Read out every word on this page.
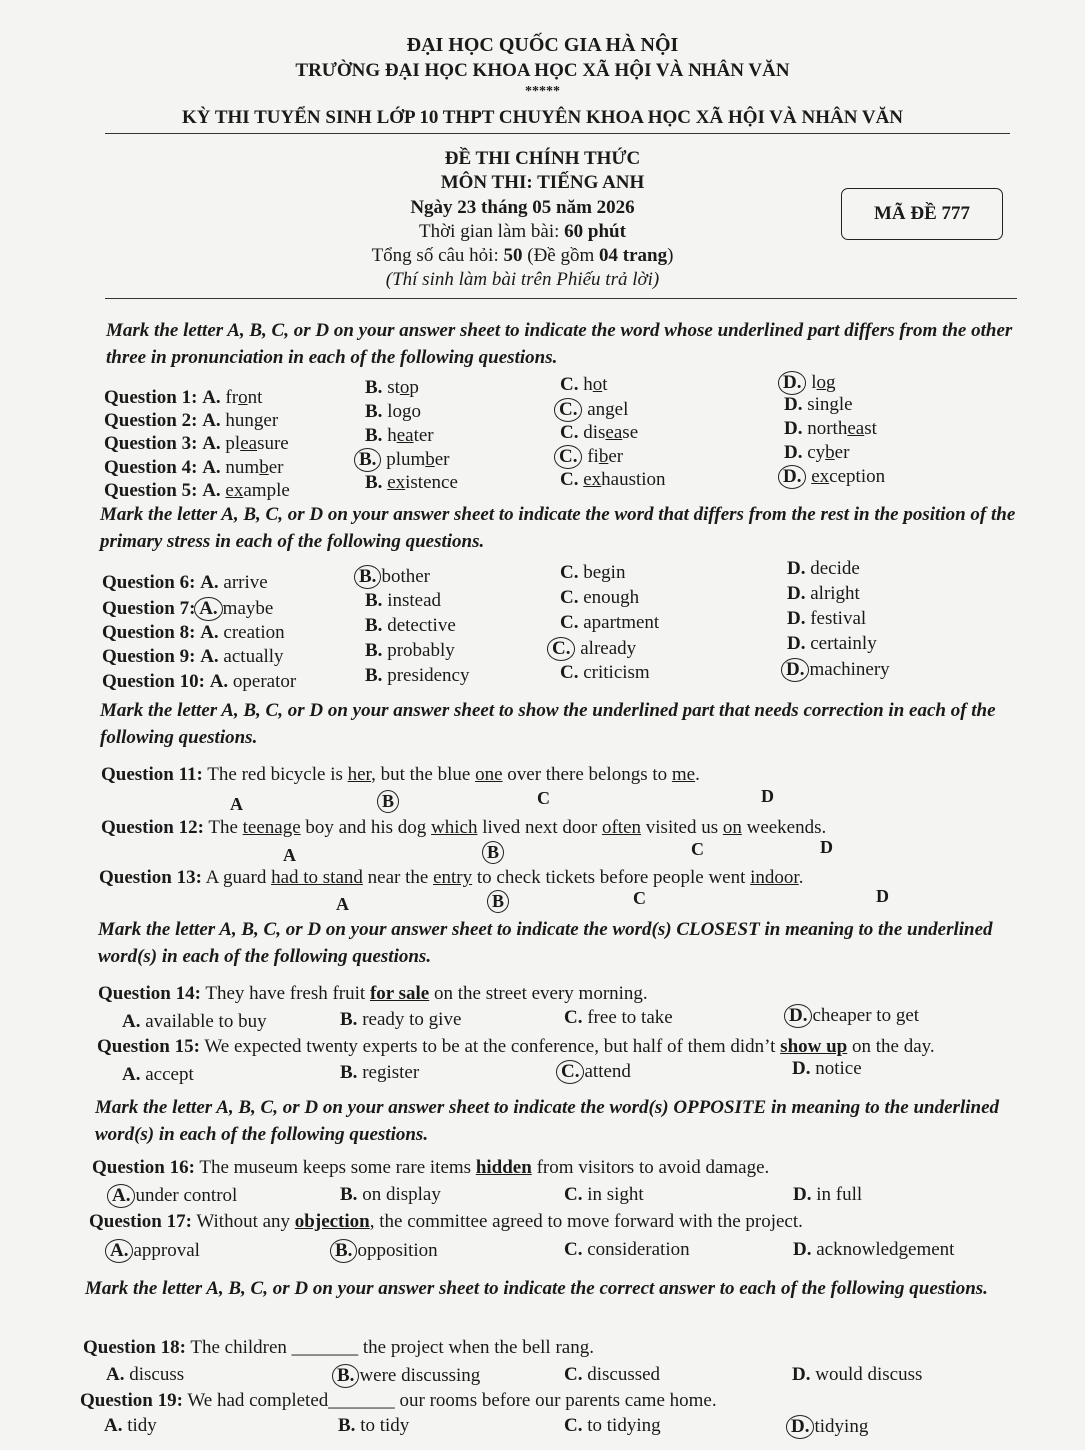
ĐẠI HỌC QUỐC GIA HÀ NỘI
TRƯỜNG ĐẠI HỌC KHOA HỌC XÃ HỘI VÀ NHÂN VĂN
*****
KỲ THI TUYỂN SINH LỚP 10 THPT CHUYÊN KHOA HỌC XÃ HỘI VÀ NHÂN VĂN
ĐỀ THI CHÍNH THỨC
MÔN THI: TIẾNG ANH
Ngày 23 tháng 05 năm 2026
Thời gian làm bài: 60 phút
Tổng số câu hỏi: 50 (Đề gồm 04 trang)
(Thí sinh làm bài trên Phiếu trả lời)
MÃ ĐỀ 777
Mark the letter A, B, C, or D on your answer sheet to indicate the word whose underlined part differs from the other three in pronunciation in each of the following questions.
Question 1: A. front	B. stop	C. hot	D. log
Question 2: A. hunger	B. logo	C. angel	D. single
Question 3: A. pleasure	B. heater	C. disease	D. northeast
Question 4: A. number	B. plumber	C. fiber	D. cyber
Question 5: A. example	B. existence	C. exhaustion	D. exception
Mark the letter A, B, C, or D on your answer sheet to indicate the word that differs from the rest in the position of the primary stress in each of the following questions.
Question 6: A. arrive	B. bother	C. begin	D. decide
Question 7: A. maybe	B. instead	C. enough	D. alright
Question 8: A. creation	B. detective	C. apartment	D. festival
Question 9: A. actually	B. probably	C. already	D. certainly
Question 10: A. operator	B. presidency	C. criticism	D. machinery
Mark the letter A, B, C, or D on your answer sheet to show the underlined part that needs correction in each of the following questions.
Question 11: The red bicycle is her, but the blue one over there belongs to me.
A	B	C	D
Question 12: The teenage boy and his dog which lived next door often visited us on weekends.
A	B	C	D
Question 13: A guard had to stand near the entry to check tickets before people went indoor.
A	B	C	D
Mark the letter A, B, C, or D on your answer sheet to indicate the word(s) CLOSEST in meaning to the underlined word(s) in each of the following questions.
Question 14: They have fresh fruit for sale on the street every morning.
A. available to buy	B. ready to give	C. free to take	D. cheaper to get
Question 15: We expected twenty experts to be at the conference, but half of them didn’t show up on the day.
A. accept	B. register	C. attend	D. notice
Mark the letter A, B, C, or D on your answer sheet to indicate the word(s) OPPOSITE in meaning to the underlined word(s) in each of the following questions.
Question 16: The museum keeps some rare items hidden from visitors to avoid damage.
A. under control	B. on display	C. in sight	D. in full
Question 17: Without any objection, the committee agreed to move forward with the project.
A. approval	B. opposition	C. consideration	D. acknowledgement
Mark the letter A, B, C, or D on your answer sheet to indicate the correct answer to each of the following questions.
Question 18: The children _______ the project when the bell rang.
A. discuss	B. were discussing	C. discussed	D. would discuss
Question 19: We had completed_______ our rooms before our parents came home.
A. tidy	B. to tidy	C. to tidying	D. tidying
